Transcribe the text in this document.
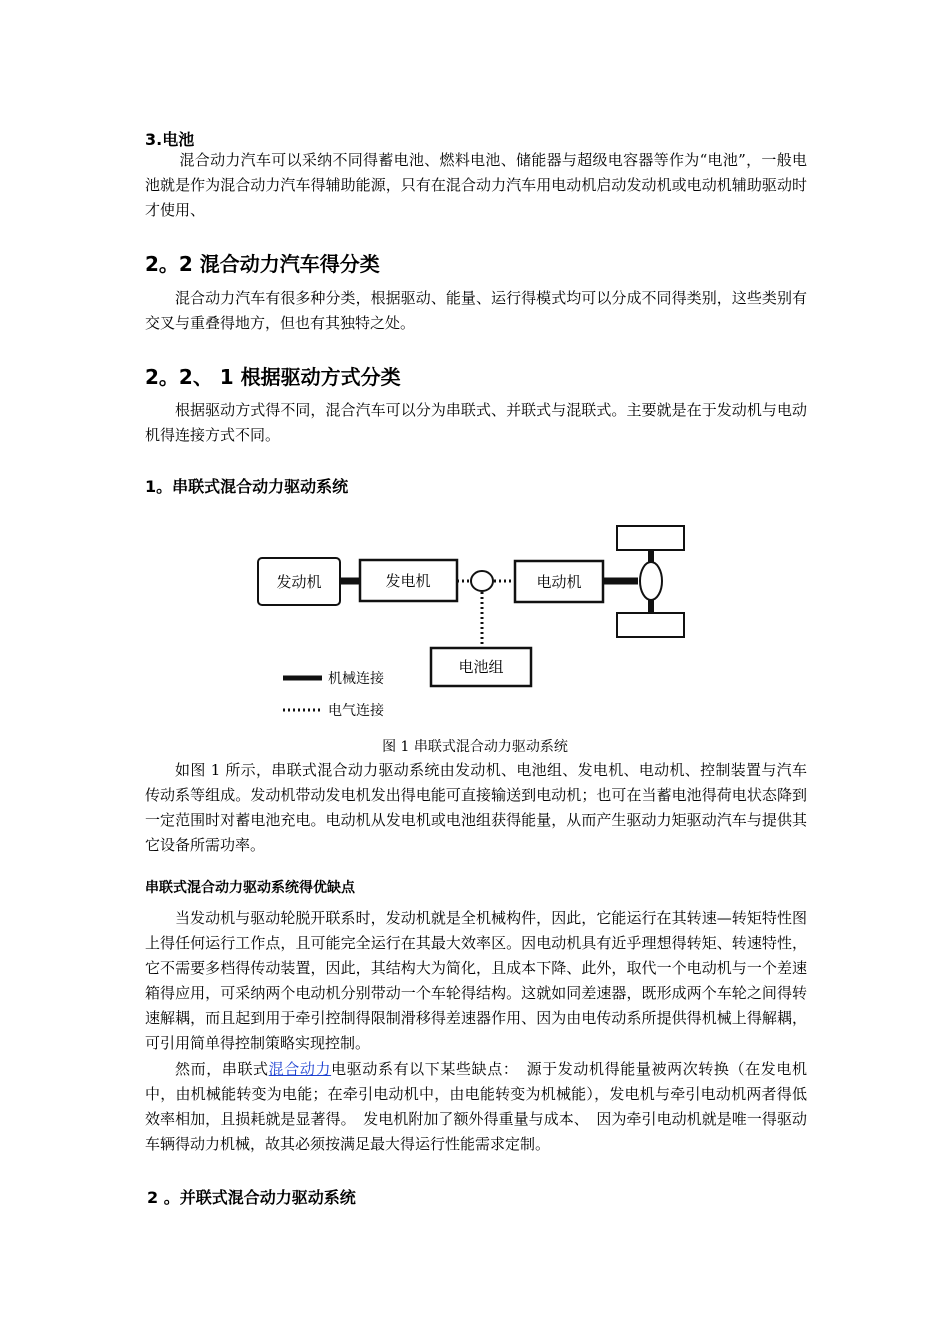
3.电池

混合动力汽车可以采纳不同得蓄电池、燃料电池、储能器与超级电容器等作为“电池”，一般电池就是作为混合动力汽车得辅助能源，只有在混合动力汽车用电动机启动发动机或电动机辅助驱动时才使用、

2。2 混合动力汽车得分类

混合动力汽车有很多种分类，根据驱动、能量、运行得模式均可以分成不同得类别，这些类别有交叉与重叠得地方，但也有其独特之处。

2。2、 1 根据驱动方式分类

根据驱动方式得不同，混合汽车可以分为串联式、并联式与混联式。主要就是在于发动机与电动机得连接方式不同。

1。串联式混合动力驱动系统
发动机	发电机	电动机
电池组
机械连接
电气连接
图 1 串联式混合动力驱动系统

如图 1 所示，串联式混合动力驱动系统由发动机、电池组、发电机、电动机、控制装置与汽车传动系等组成。发动机带动发电机发出得电能可直接输送到电动机；也可在当蓄电池得荷电状态降到一定范围时对蓄电池充电。电动机从发电机或电池组获得能量，从而产生驱动力矩驱动汽车与提供其它设备所需功率。

串联式混合动力驱动系统得优缺点

当发动机与驱动轮脱开联系时，发动机就是全机械构件，因此，它能运行在其转速—转矩特性图上得任何运行工作点，且可能完全运行在其最大效率区。因电动机具有近乎理想得转矩、转速特性，它不需要多档得传动装置，因此，其结构大为简化，且成本下降、此外，取代一个电动机与一个差速箱得应用，可采纳两个电动机分别带动一个车轮得结构。这就如同差速器，既形成两个车轮之间得转速解耦，而且起到用于牵引控制得限制滑移得差速器作用、因为由电传动系所提供得机械上得解耦，可引用简单得控制策略实现控制。

然而，串联式混合动力电驱动系有以下某些缺点：　源于发动机得能量被两次转换（在发电机中，由机械能转变为电能；在牵引电动机中，由电能转变为机械能），发电机与牵引电动机两者得低效率相加，且损耗就是显著得。　发电机附加了额外得重量与成本、　因为牵引电动机就是唯一得驱动车辆得动力机械，故其必须按满足最大得运行性能需求定制。

2 。并联式混合动力驱动系统
